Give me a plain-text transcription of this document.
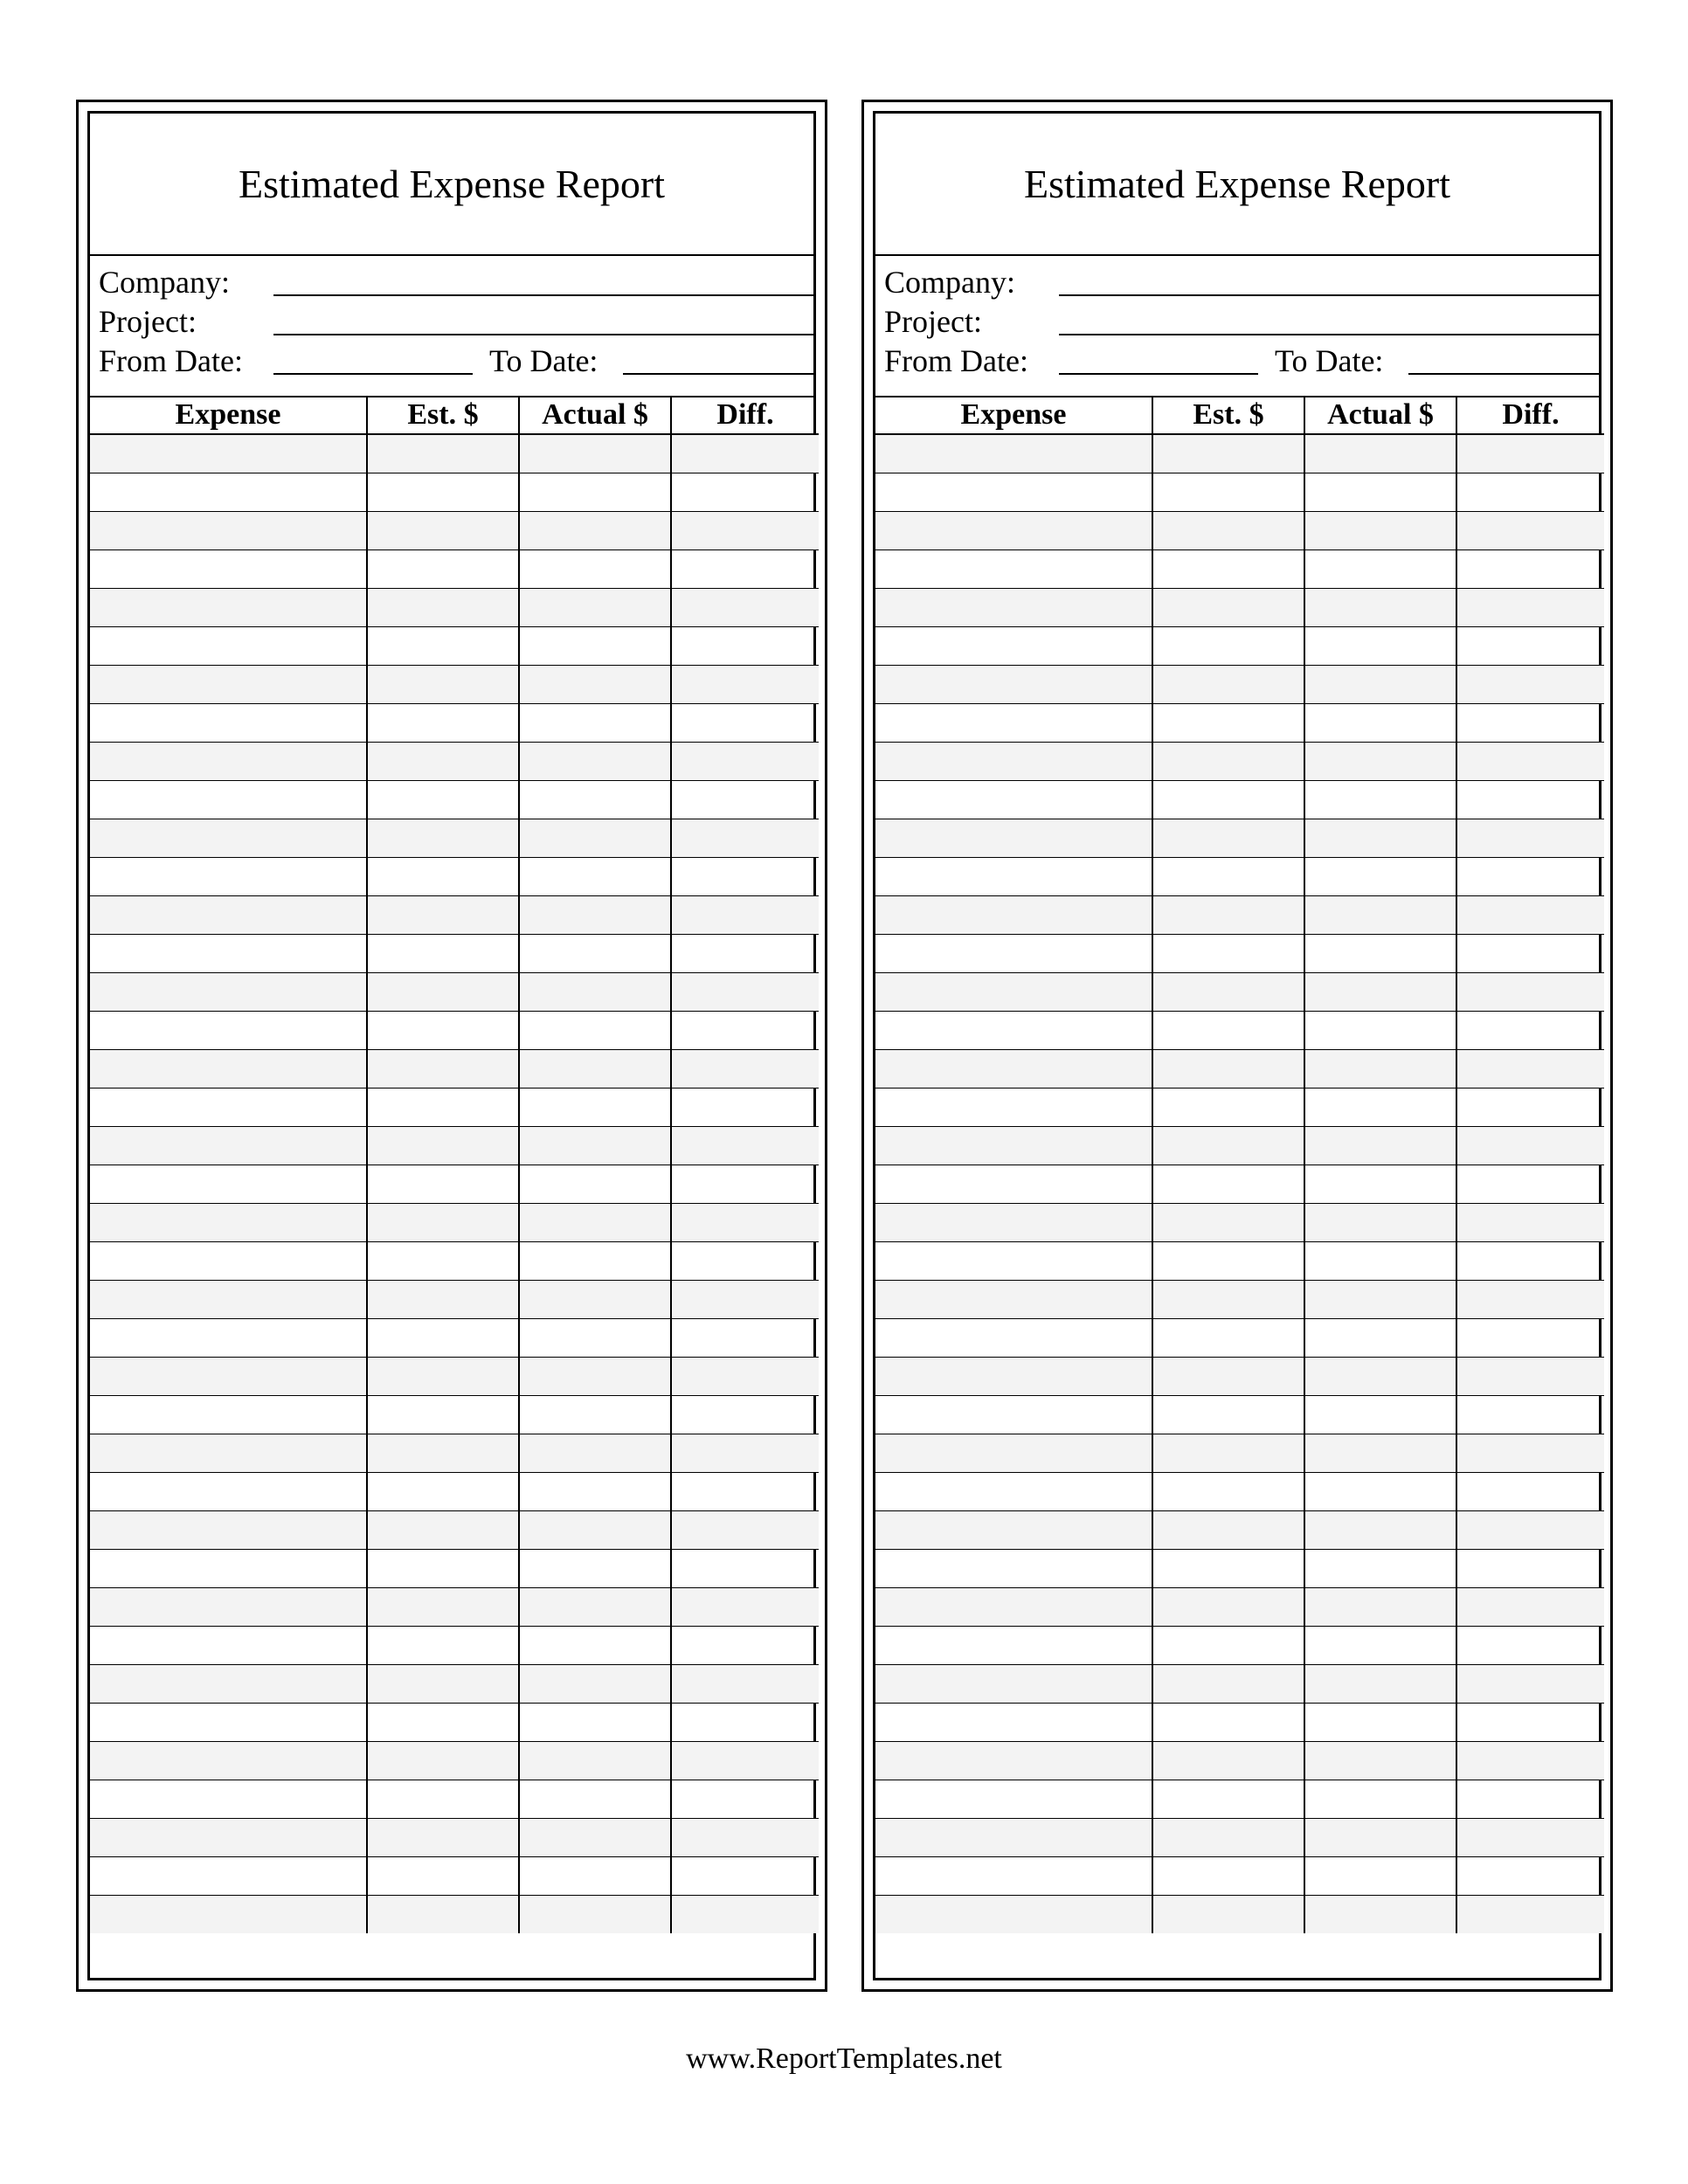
Estimated Expense Report
Company:
Project:
From Date:	To Date:
Expense	Est. $	Actual $	Diff.

Estimated Expense Report
Company:
Project:
From Date:	To Date:
Expense	Est. $	Actual $	Diff.

www.ReportTemplates.net
